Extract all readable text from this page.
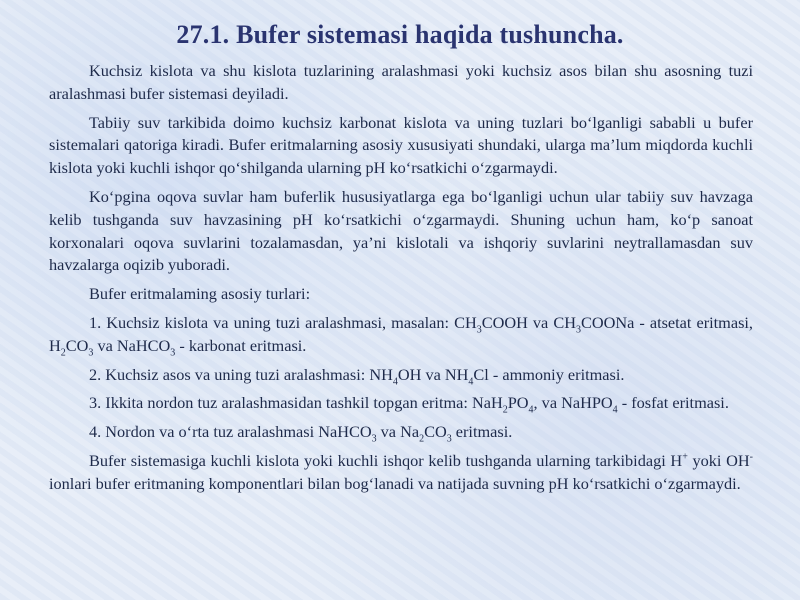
27.1. Bufer sistemasi haqida tushuncha.

Kuchsiz kislota va shu kislota tuzlarining aralashmasi yoki kuchsiz asos bilan shu asosning tuzi aralashmasi bufer sistemasi deyiladi.

Tabiiy suv tarkibida doimo kuchsiz karbonat kislota va uning tuzlari bo‘lganligi sababli u bufer sistemalari qatoriga kiradi. Bufer eritmalarning asosiy xususiyati shundaki, ularga ma’lum miqdorda kuchli kislota yoki kuchli ishqor qo‘shilganda ularning pH ko‘rsatkichi o‘zgarmaydi.

Ko‘pgina oqova suvlar ham buferlik hususiyatlarga ega bo‘lganligi uchun ular tabiiy suv havzaga kelib tushganda suv havzasining pH ko‘rsatkichi o‘zgarmaydi. Shuning uchun ham, ko‘p sanoat korxonalari oqova suvlarini tozalamasdan, ya’ni kislotali va ishqoriy suvlarini neytrallamasdan suv havzalarga oqizib yuboradi.

Bufer eritmalaming asosiy turlari:

1. Kuchsiz kislota va uning tuzi aralashmasi, masalan: $CH_3COOH$ va $CH_3COONa$ - atsetat eritmasi, $H_2CO_3$ va NaHCO$_3$ - karbonat eritmasi.

2. Kuchsiz asos va uning tuzi aralashmasi: $NH_4OH$ va $NH_4Cl$ - ammoniy eritmasi.

3. Ikkita nordon tuz aralashmasidan tashkil topgan eritma: $NaH_2PO_4$, va NaHPO$_4$ - fosfat eritmasi.

4. Nordon va o‘rta tuz aralashmasi NaHCO$_3$ va $Na_2CO_3$ eritmasi.

Bufer sistemasiga kuchli kislota yoki kuchli ishqor kelib tushganda ularning tarkibidagi H+ yoki OH- ionlari bufer eritmaning komponentlari bilan bog‘lanadi va natijada suvning pH ko‘rsatkichi o‘zgarmaydi.
